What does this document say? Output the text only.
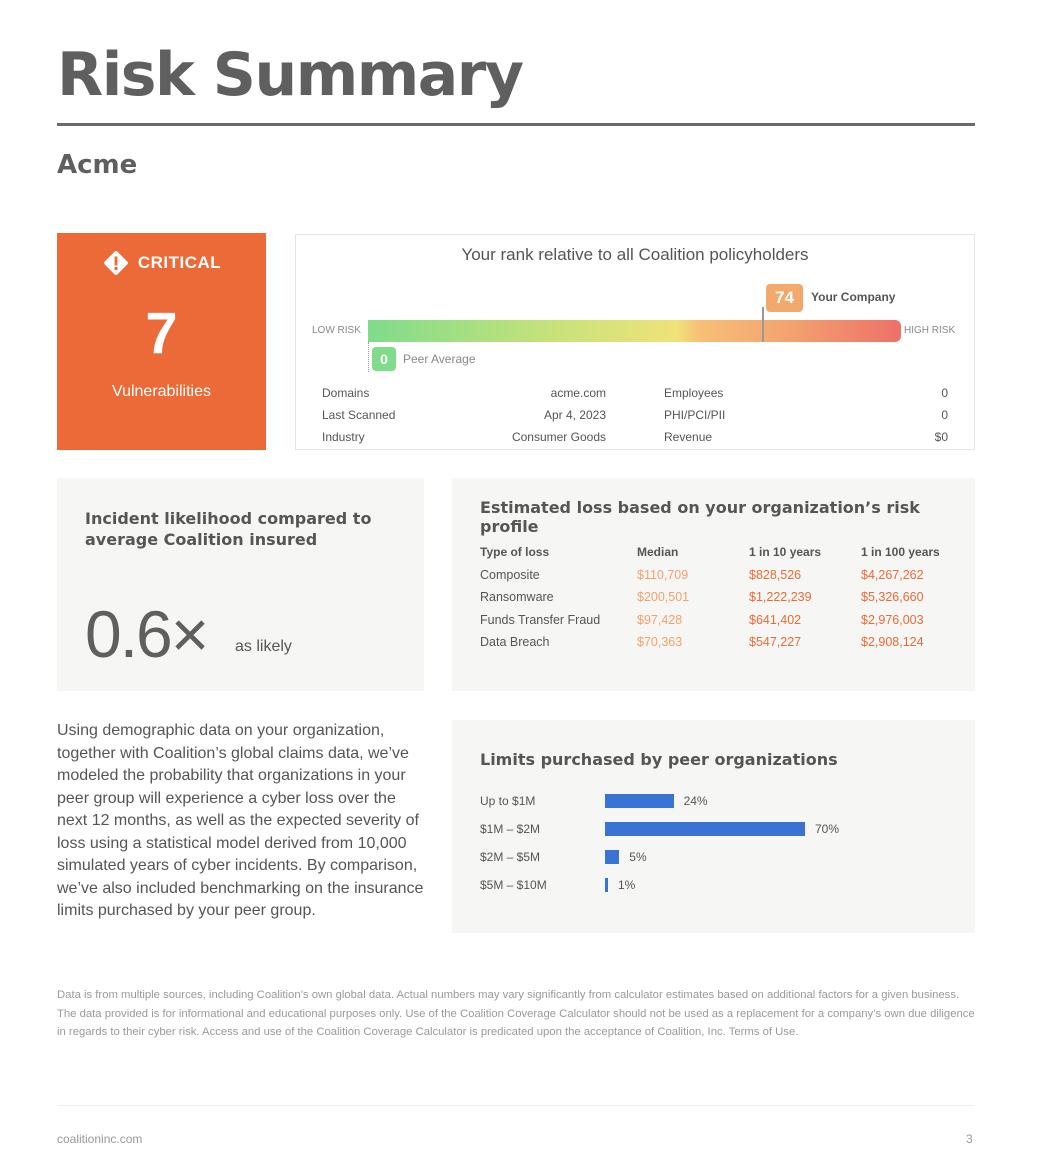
Risk Summary
Acme
CRITICAL
7
Vulnerabilities
Your rank relative to all Coalition policyholders
LOW RISK	HIGH RISK
74	Your Company
0	Peer Average
Domains	acme.com
Last Scanned	Apr 4, 2023
Industry	Consumer Goods
Employees	0
PHI/PCI/PII	0
Revenue	$0
Incident likelihood compared to average Coalition insured
0.6× as likely
Estimated loss based on your organization’s risk profile
Type of loss	Median	1 in 10 years	1 in 100 years
Composite	$110,709	$828,526	$4,267,262
Ransomware	$200,501	$1,222,239	$5,326,660
Funds Transfer Fraud	$97,428	$641,402	$2,976,003
Data Breach	$70,363	$547,227	$2,908,124
Using demographic data on your organization, together with Coalition’s global claims data, we’ve modeled the probability that organizations in your peer group will experience a cyber loss over the next 12 months, as well as the expected severity of loss using a statistical model derived from 10,000 simulated years of cyber incidents. By comparison, we’ve also included benchmarking on the insurance limits purchased by your peer group.
Limits purchased by peer organizations
Up to $1M	24%
$1M – $2M	70%
$2M – $5M	5%
$5M – $10M	1%
Data is from multiple sources, including Coalition’s own global data. Actual numbers may vary significantly from calculator estimates based on additional factors for a given business. The data provided is for informational and educational purposes only. Use of the Coalition Coverage Calculator should not be used as a replacement for a company’s own due diligence in regards to their cyber risk. Access and use of the Coalition Coverage Calculator is predicated upon the acceptance of Coalition, Inc. Terms of Use.
coalitioninc.com	3
